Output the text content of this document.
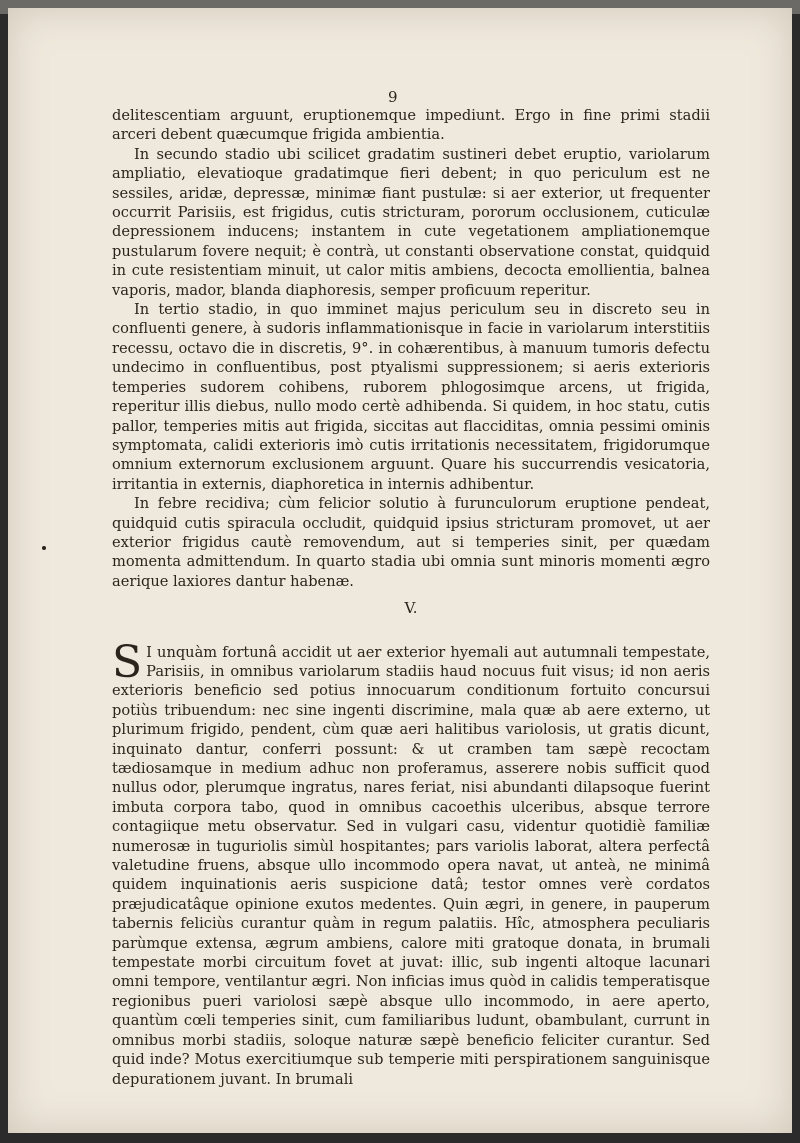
9

delitescentiam arguunt, eruptionemque impediunt. Ergo in fine primi stadii arceri debent quæcumque frigida ambientia.

In secundo stadio ubi scilicet gradatim sustineri debet eruptio, variolarum ampliatio, elevatioque gradatimque fieri debent; in quo periculum est ne sessiles, aridæ, depressæ, minimæ fiant pustulæ: si aer exterior, ut frequenter occurrit Parisiis, est frigidus, cutis stricturam, pororum occlusionem, cuticulæ depressionem inducens; instantem in cute vegetationem ampliationemque pustularum fovere nequit; è contrà, ut constanti observatione constat, quidquid in cute resistentiam minuit, ut calor mitis ambiens, decocta emollientia, balnea vaporis, mador, blanda diaphoresis, semper proficuum reperitur.

In tertio stadio, in quo imminet majus periculum seu in discreto seu in confluenti genere, à sudoris inflammationisque in facie in variolarum interstitiis recessu, octavo die in discretis, 9°. in cohærentibus, à manuum tumoris defectu undecimo in confluentibus, post ptyalismi suppressionem; si aeris exterioris temperies sudorem cohibens, ruborem phlogosimque arcens, ut frigida, reperitur illis diebus, nullo modo certè adhibenda. Si quidem, in hoc statu, cutis pallor, temperies mitis aut frigida, siccitas aut flacciditas, omnia pessimi ominis symptomata, calidi exterioris imò cutis irritationis necessitatem, frigidorumque omnium externorum exclusionem arguunt. Quare his succurrendis vesicatoria, irritantia in externis, diaphoretica in internis adhibentur.

In febre recidiva; cùm felicior solutio à furunculorum eruptione pendeat, quidquid cutis spiracula occludit, quidquid ipsius stricturam promovet, ut aer exterior frigidus cautè removendum, aut si temperies sinit, per quædam momenta admittendum. In quarto stadia ubi omnia sunt minoris momenti ægro aerique laxiores dantur habenæ.

V.

S I unquàm fortunâ accidit ut aer exterior hyemali aut autumnali tempestate, Parisiis, in omnibus variolarum stadiis haud nocuus fuit visus; id non aeris exterioris beneficio sed potius innocuarum conditionum fortuito concursui potiùs tribuendum: nec sine ingenti discrimine, mala quæ ab aere externo, ut plurimum frigido, pendent, cùm quæ aeri halitibus variolosis, ut gratis dicunt, inquinato dantur, conferri possunt: & ut cramben tam sæpè recoctam tædiosamque in medium adhuc non proferamus, asserere nobis sufficit quod nullus odor, plerumque ingratus, nares feriat, nisi abundanti dilapsoque fuerint imbuta corpora tabo, quod in omnibus cacoethis ulceribus, absque terrore contagiique metu observatur. Sed in vulgari casu, videntur quotidiè familiæ numerosæ in tuguriolis simùl hospitantes; pars variolis laborat, altera perfectâ valetudine fruens, absque ullo incommodo opera navat, ut anteà, ne minimâ quidem inquinationis aeris suspicione datâ; testor omnes verè cordatos præjudicatâque opinione exutos medentes. Quin ægri, in genere, in pauperum tabernis feliciùs curantur quàm in regum palatiis. Hîc, atmosphera peculiaris parùmque extensa, ægrum ambiens, calore miti gratoque donata, in brumali tempestate morbi circuitum fovet at juvat: illic, sub ingenti altoque lacunari omni tempore, ventilantur ægri. Non inficias imus quòd in calidis temperatisque regionibus pueri variolosi sæpè absque ullo incommodo, in aere aperto, quantùm cœli temperies sinit, cum familiaribus ludunt, obambulant, currunt in omnibus morbi stadiis, soloque naturæ sæpè beneficio feliciter curantur. Sed quid inde? Motus exercitiumque sub temperie miti perspirationem sanguinisque depurationem juvant. In brumali
